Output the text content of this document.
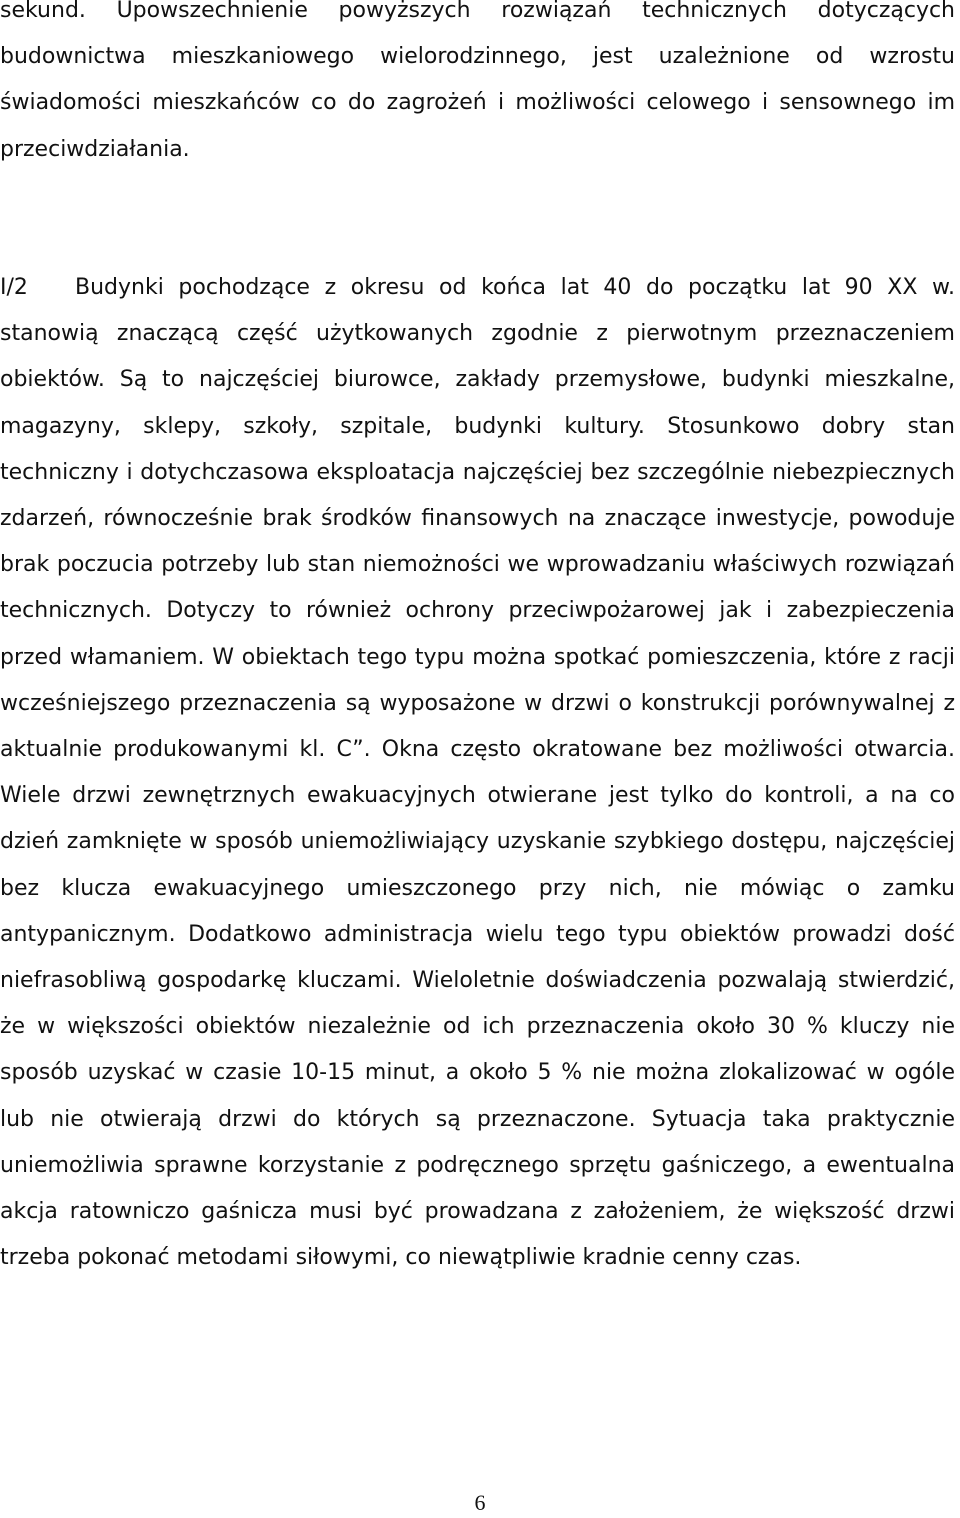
sekund. Upowszechnienie powyższych rozwiązań technicznych dotyczących budownictwa mieszkaniowego wielorodzinnego, jest uzależnione od wzrostu świadomości mieszkańców co do zagrożeń i możliwości celowego i sensownego im przeciwdziałania.

I/2 Budynki pochodzące z okresu od końca lat 40 do początku lat 90 XX w. stanowią znaczącą część użytkowanych zgodnie z pierwotnym przeznaczeniem obiektów. Są to najczęściej biurowce, zakłady przemysłowe, budynki mieszkalne, magazyny, sklepy, szkoły, szpitale, budynki kultury. Stosunkowo dobry stan techniczny i dotychczasowa eksploatacja najczęściej bez szczególnie niebezpiecznych zdarzeń, równocześnie brak środków finansowych na znaczące inwestycje, powoduje brak poczucia potrzeby lub stan niemożności we wprowadzaniu właściwych rozwiązań technicznych. Dotyczy to również ochrony przeciwpożarowej jak i zabezpieczenia przed włamaniem. W obiektach tego typu można spotkać pomieszczenia, które z racji wcześniejszego przeznaczenia są wyposażone w drzwi o konstrukcji porównywalnej z aktualnie produkowanymi kl. C”. Okna często okratowane bez możliwości otwarcia. Wiele drzwi zewnętrznych ewakuacyjnych otwierane jest tylko do kontroli, a na co dzień zamknięte w sposób uniemożliwiający uzyskanie szybkiego dostępu, najczęściej bez klucza ewakuacyjnego umieszczonego przy nich, nie mówiąc o zamku antypanicznym. Dodatkowo administracja wielu tego typu obiektów prowadzi dość niefrasobliwą gospodarkę kluczami. Wieloletnie doświadczenia pozwalają stwierdzić, że w większości obiektów niezależnie od ich przeznaczenia około 30 % kluczy nie sposób uzyskać w czasie 10-15 minut, a około 5 % nie można zlokalizować w ogóle lub nie otwierają drzwi do których są przeznaczone. Sytuacja taka praktycznie uniemożliwia sprawne korzystanie z podręcznego sprzętu gaśniczego, a ewentualna akcja ratowniczo gaśnicza musi być prowadzana z założeniem, że większość drzwi trzeba pokonać metodami siłowymi, co niewątpliwie kradnie cenny czas.

6
